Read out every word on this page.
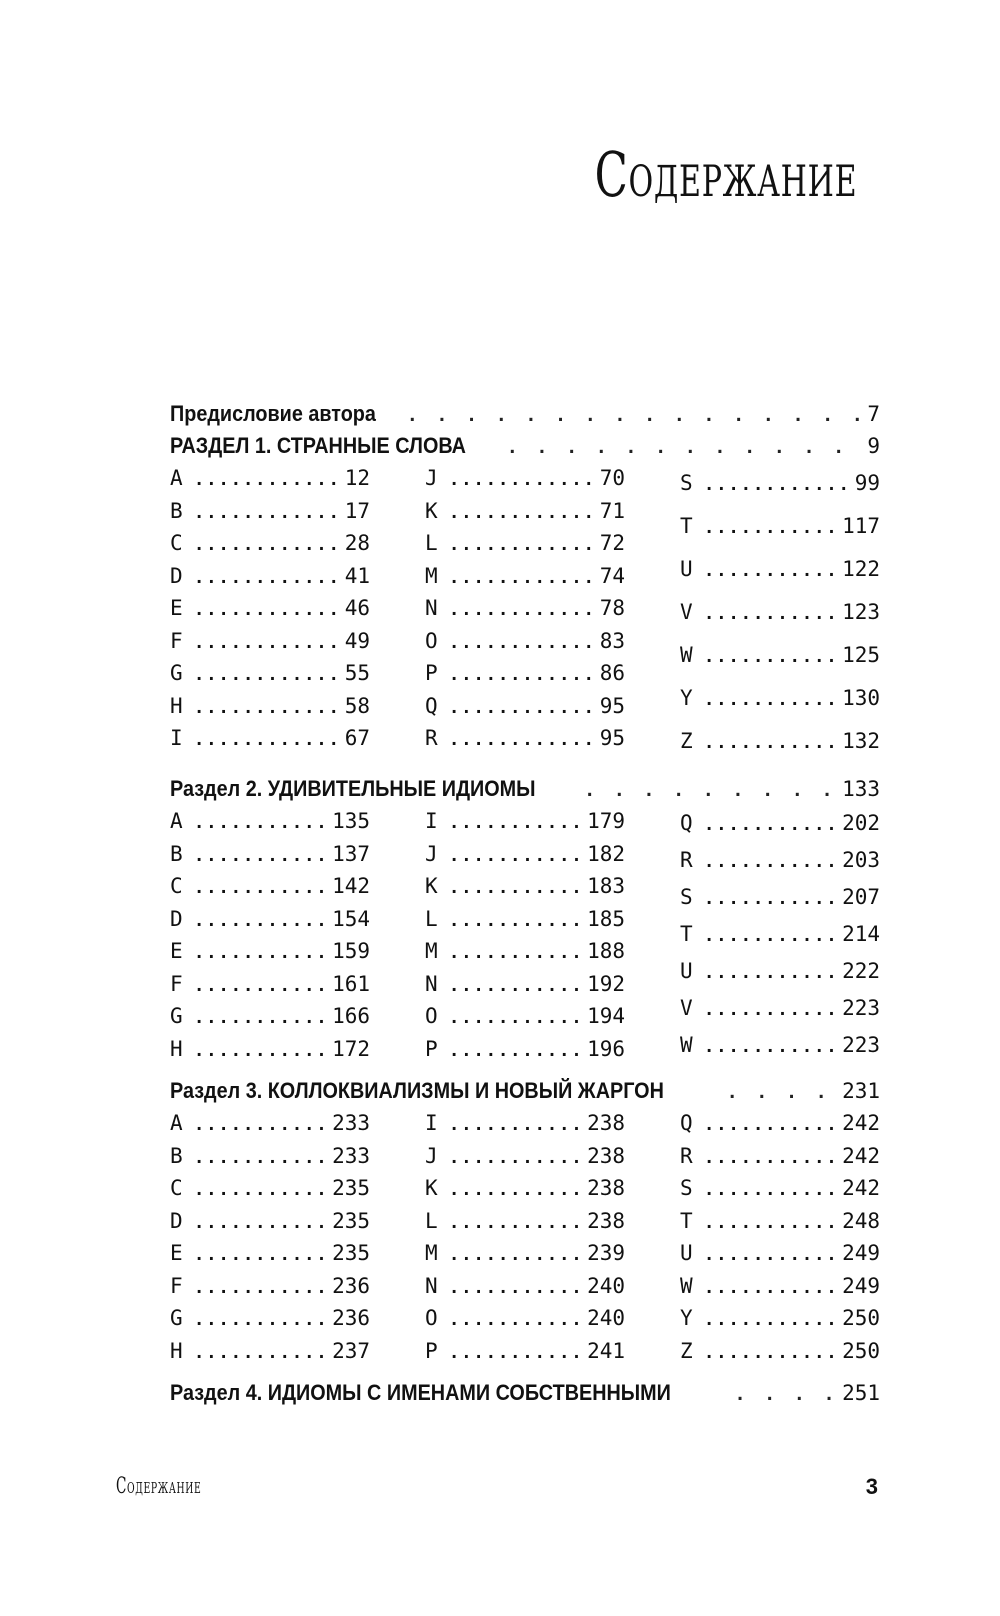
Содержание
Предисловие автора . . .	7
РАЗДЕЛ 1. СТРАННЫЕ СЛОВА . . .	9
A .....	12
B .....	17
C .....	28
D .....	41
E .....	46
F .....	49
G .....	55
H .....	58
I .....	67
J .....	70
K .....	71
L .....	72
M .....	74
N .....	78
O .....	83
P .....	86
Q .....	95
R .....	95
S .....	99
T .....	117
U .....	122
V .....	123
W .....	125
Y .....	130
Z .....	132
Раздел 2. УДИВИТЕЛЬНЫЕ ИДИОМЫ . . .	133
A .....	135
B .....	137
C .....	142
D .....	154
E .....	159
F .....	161
G .....	166
H .....	172
I .....	179
J .....	182
K .....	183
L .....	185
M .....	188
N .....	192
O .....	194
P .....	196
Q .....	202
R .....	203
S .....	207
T .....	214
U .....	222
V .....	223
W .....	223
Раздел 3. КОЛЛОКВИАЛИЗМЫ И НОВЫЙ ЖАРГОН . . .	231
A .....	233
B .....	233
C .....	235
D .....	235
E .....	235
F .....	236
G .....	236
H .....	237
I .....	238
J .....	238
K .....	238
L .....	238
M .....	239
N .....	240
O .....	240
P .....	241
Q .....	242
R .....	242
S .....	242
T .....	248
U .....	249
W .....	249
Y .....	250
Z .....	250
Раздел 4. ИДИОМЫ С ИМЕНАМИ СОБСТВЕННЫМИ . . .	251
Содержание	3
